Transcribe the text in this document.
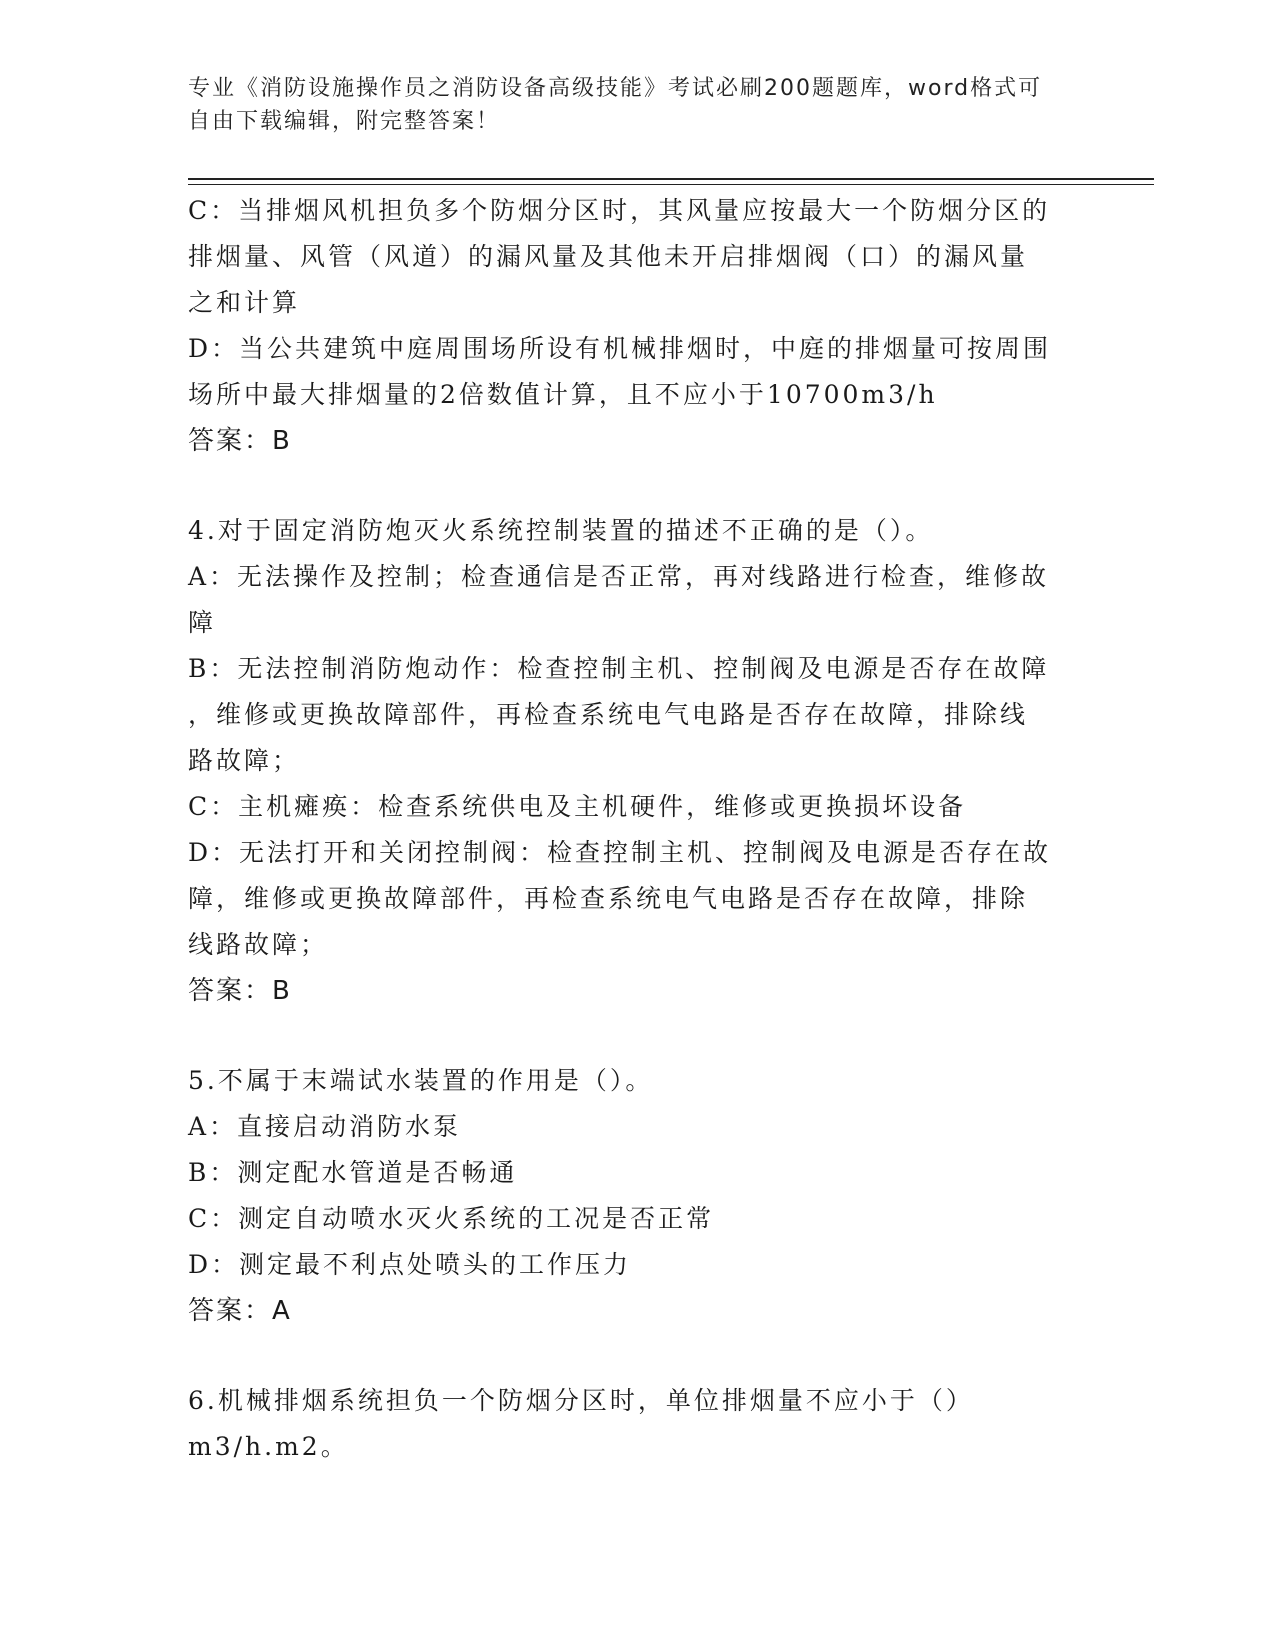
专业《消防设施操作员之消防设备高级技能》考试必刷200题题库，word格式可
自由下载编辑，附完整答案！
C：当排烟风机担负多个防烟分区时，其风量应按最大一个防烟分区的
排烟量、风管（风道）的漏风量及其他未开启排烟阀（口）的漏风量
之和计算
D：当公共建筑中庭周围场所设有机械排烟时，中庭的排烟量可按周围
场所中最大排烟量的2倍数值计算，且不应小于10700m3/h
答案：B
4.对于固定消防炮灭火系统控制装置的描述不正确的是（）。
A：无法操作及控制；检查通信是否正常，再对线路进行检查，维修故
障
B：无法控制消防炮动作：检查控制主机、控制阀及电源是否存在故障
，维修或更换故障部件，再检查系统电气电路是否存在故障，排除线
路故障；
C：主机瘫痪：检查系统供电及主机硬件，维修或更换损坏设备
D：无法打开和关闭控制阀：检查控制主机、控制阀及电源是否存在故
障，维修或更换故障部件，再检查系统电气电路是否存在故障，排除
线路故障；
答案：B
5.不属于末端试水装置的作用是（）。
A：直接启动消防水泵
B：测定配水管道是否畅通
C：测定自动喷水灭火系统的工况是否正常
D：测定最不利点处喷头的工作压力
答案：A
6.机械排烟系统担负一个防烟分区时，单位排烟量不应小于（）
m3/h.m2。
